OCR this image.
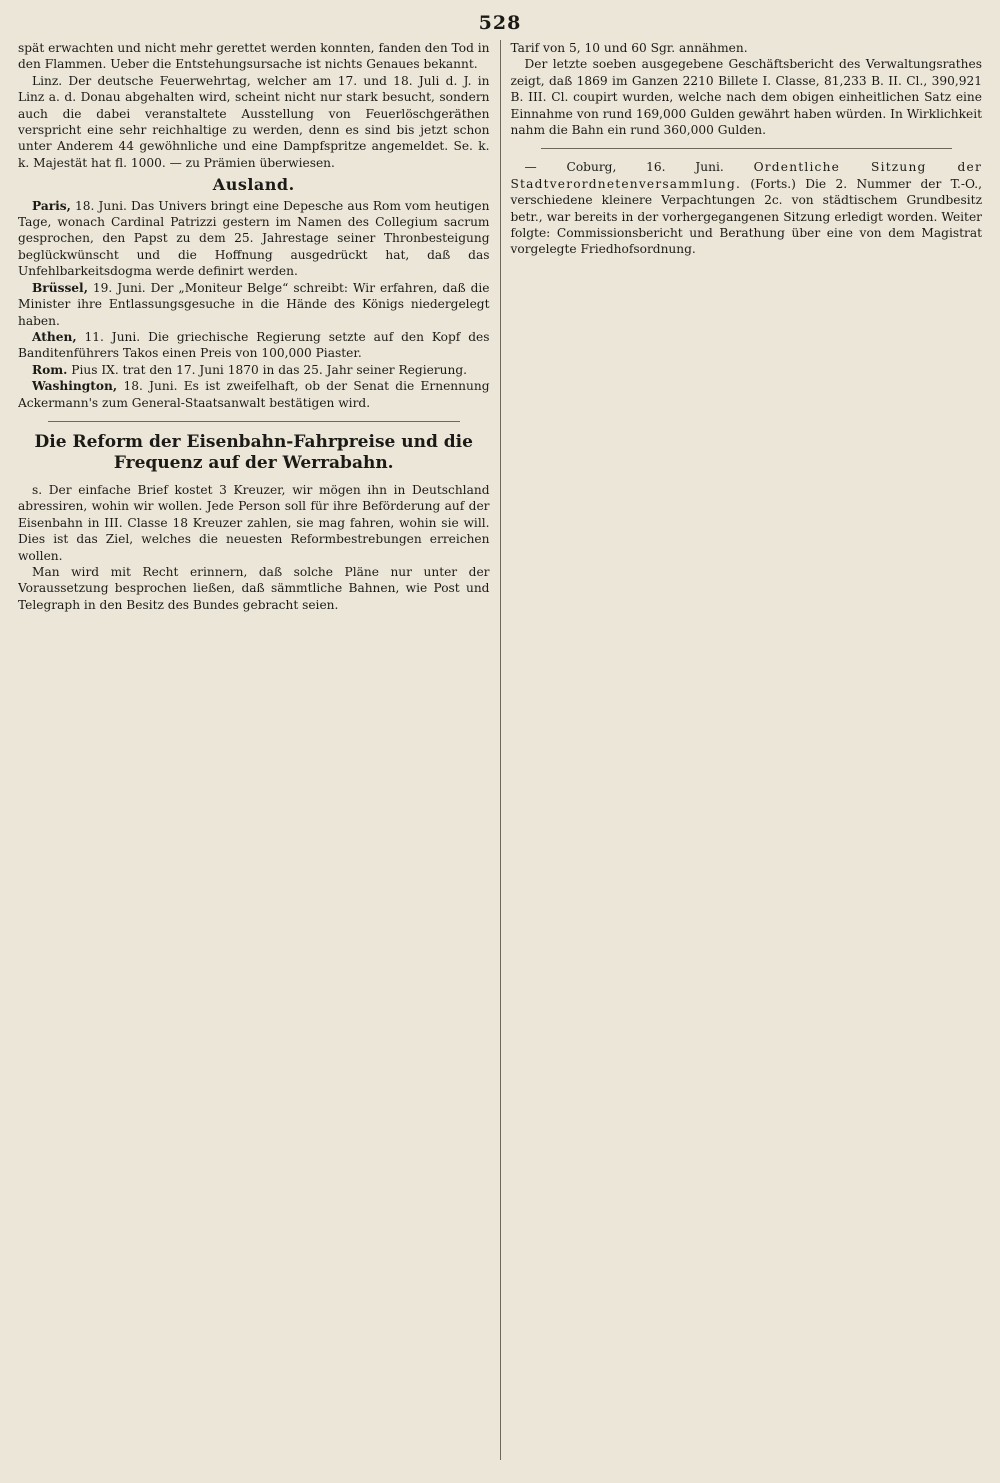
528

spät erwachten und nicht mehr gerettet werden konnten, fanden den Tod in den Flammen. Ueber die Entstehungsursache ist nichts Genaues bekannt.

Linz. Der deutsche Feuerwehrtag, welcher am 17. und 18. Juli d. J. in Linz a. d. Donau abgehalten wird, scheint nicht nur stark besucht, sondern auch die dabei veranstaltete Ausstellung von Feuerlöschgeräthen verspricht eine sehr reichhaltige zu werden, denn es sind bis jetzt schon unter Anderem 44 gewöhnliche und eine Dampfspritze angemeldet. Se. k. k. Majestät hat fl. 1000. — zu Prämien überwiesen.

Ausland.

Paris, 18. Juni. Das Univers bringt eine Depesche aus Rom vom heutigen Tage, wonach Cardinal Patrizzi gestern im Namen des Collegium sacrum gesprochen, den Papst zu dem 25. Jahrestage seiner Thronbesteigung beglückwünscht und die Hoffnung ausgedrückt hat, daß das Unfehlbarkeitsdogma werde definirt werden.

Brüssel, 19. Juni. Der „Moniteur Belge“ schreibt: Wir erfahren, daß die Minister ihre Entlassungsgesuche in die Hände des Königs niedergelegt haben.

Athen, 11. Juni. Die griechische Regierung setzte auf den Kopf des Banditenführers Takos einen Preis von 100,000 Piaster.

Rom. Pius IX. trat den 17. Juni 1870 in das 25. Jahr seiner Regierung.

Washington, 18. Juni. Es ist zweifelhaft, ob der Senat die Ernennung Ackermann's zum General-Staatsanwalt bestätigen wird.

Die Reform der Eisenbahn-Fahrpreise und die Frequenz auf der Werrabahn.

s. Der einfache Brief kostet 3 Kreuzer, wir mögen ihn in Deutschland abressiren, wohin wir wollen. Jede Person soll für ihre Beförderung auf der Eisenbahn in III. Classe 18 Kreuzer zahlen, sie mag fahren, wohin sie will. Dies ist das Ziel, welches die neuesten Reformbestrebungen erreichen wollen.

Man wird mit Recht erinnern, daß solche Pläne nur unter der Voraussetzung besprochen ließen, daß sämmtliche Bahnen, wie Post und Telegraph in den Besitz des Bundes gebracht seien.

Tarif von 5, 10 und 60 Sgr. annähmen.

Der letzte soeben ausgegebene Geschäftsbericht des Verwaltungsrathes zeigt, daß 1869 im Ganzen 2210 Billete I. Classe, 81,233 B. II. Cl., 390,921 B. III. Cl. coupirt wurden, welche nach dem obigen einheitlichen Satz eine Einnahme von rund 169,000 Gulden gewährt haben würden. In Wirklichkeit nahm die Bahn ein rund 360,000 Gulden.

— Coburg, 16. Juni. Ordentliche Sitzung der Stadtverordnetenversammlung. (Forts.) Die 2. Nummer der T.-O., verschiedene kleinere Verpachtungen 2c. von städtischem Grundbesitz betr., war bereits in der vorhergegangenen Sitzung erledigt worden. Weiter folgte: Commissionsbericht und Berathung über eine von dem Magistrat vorgelegte Friedhofsordnung.
